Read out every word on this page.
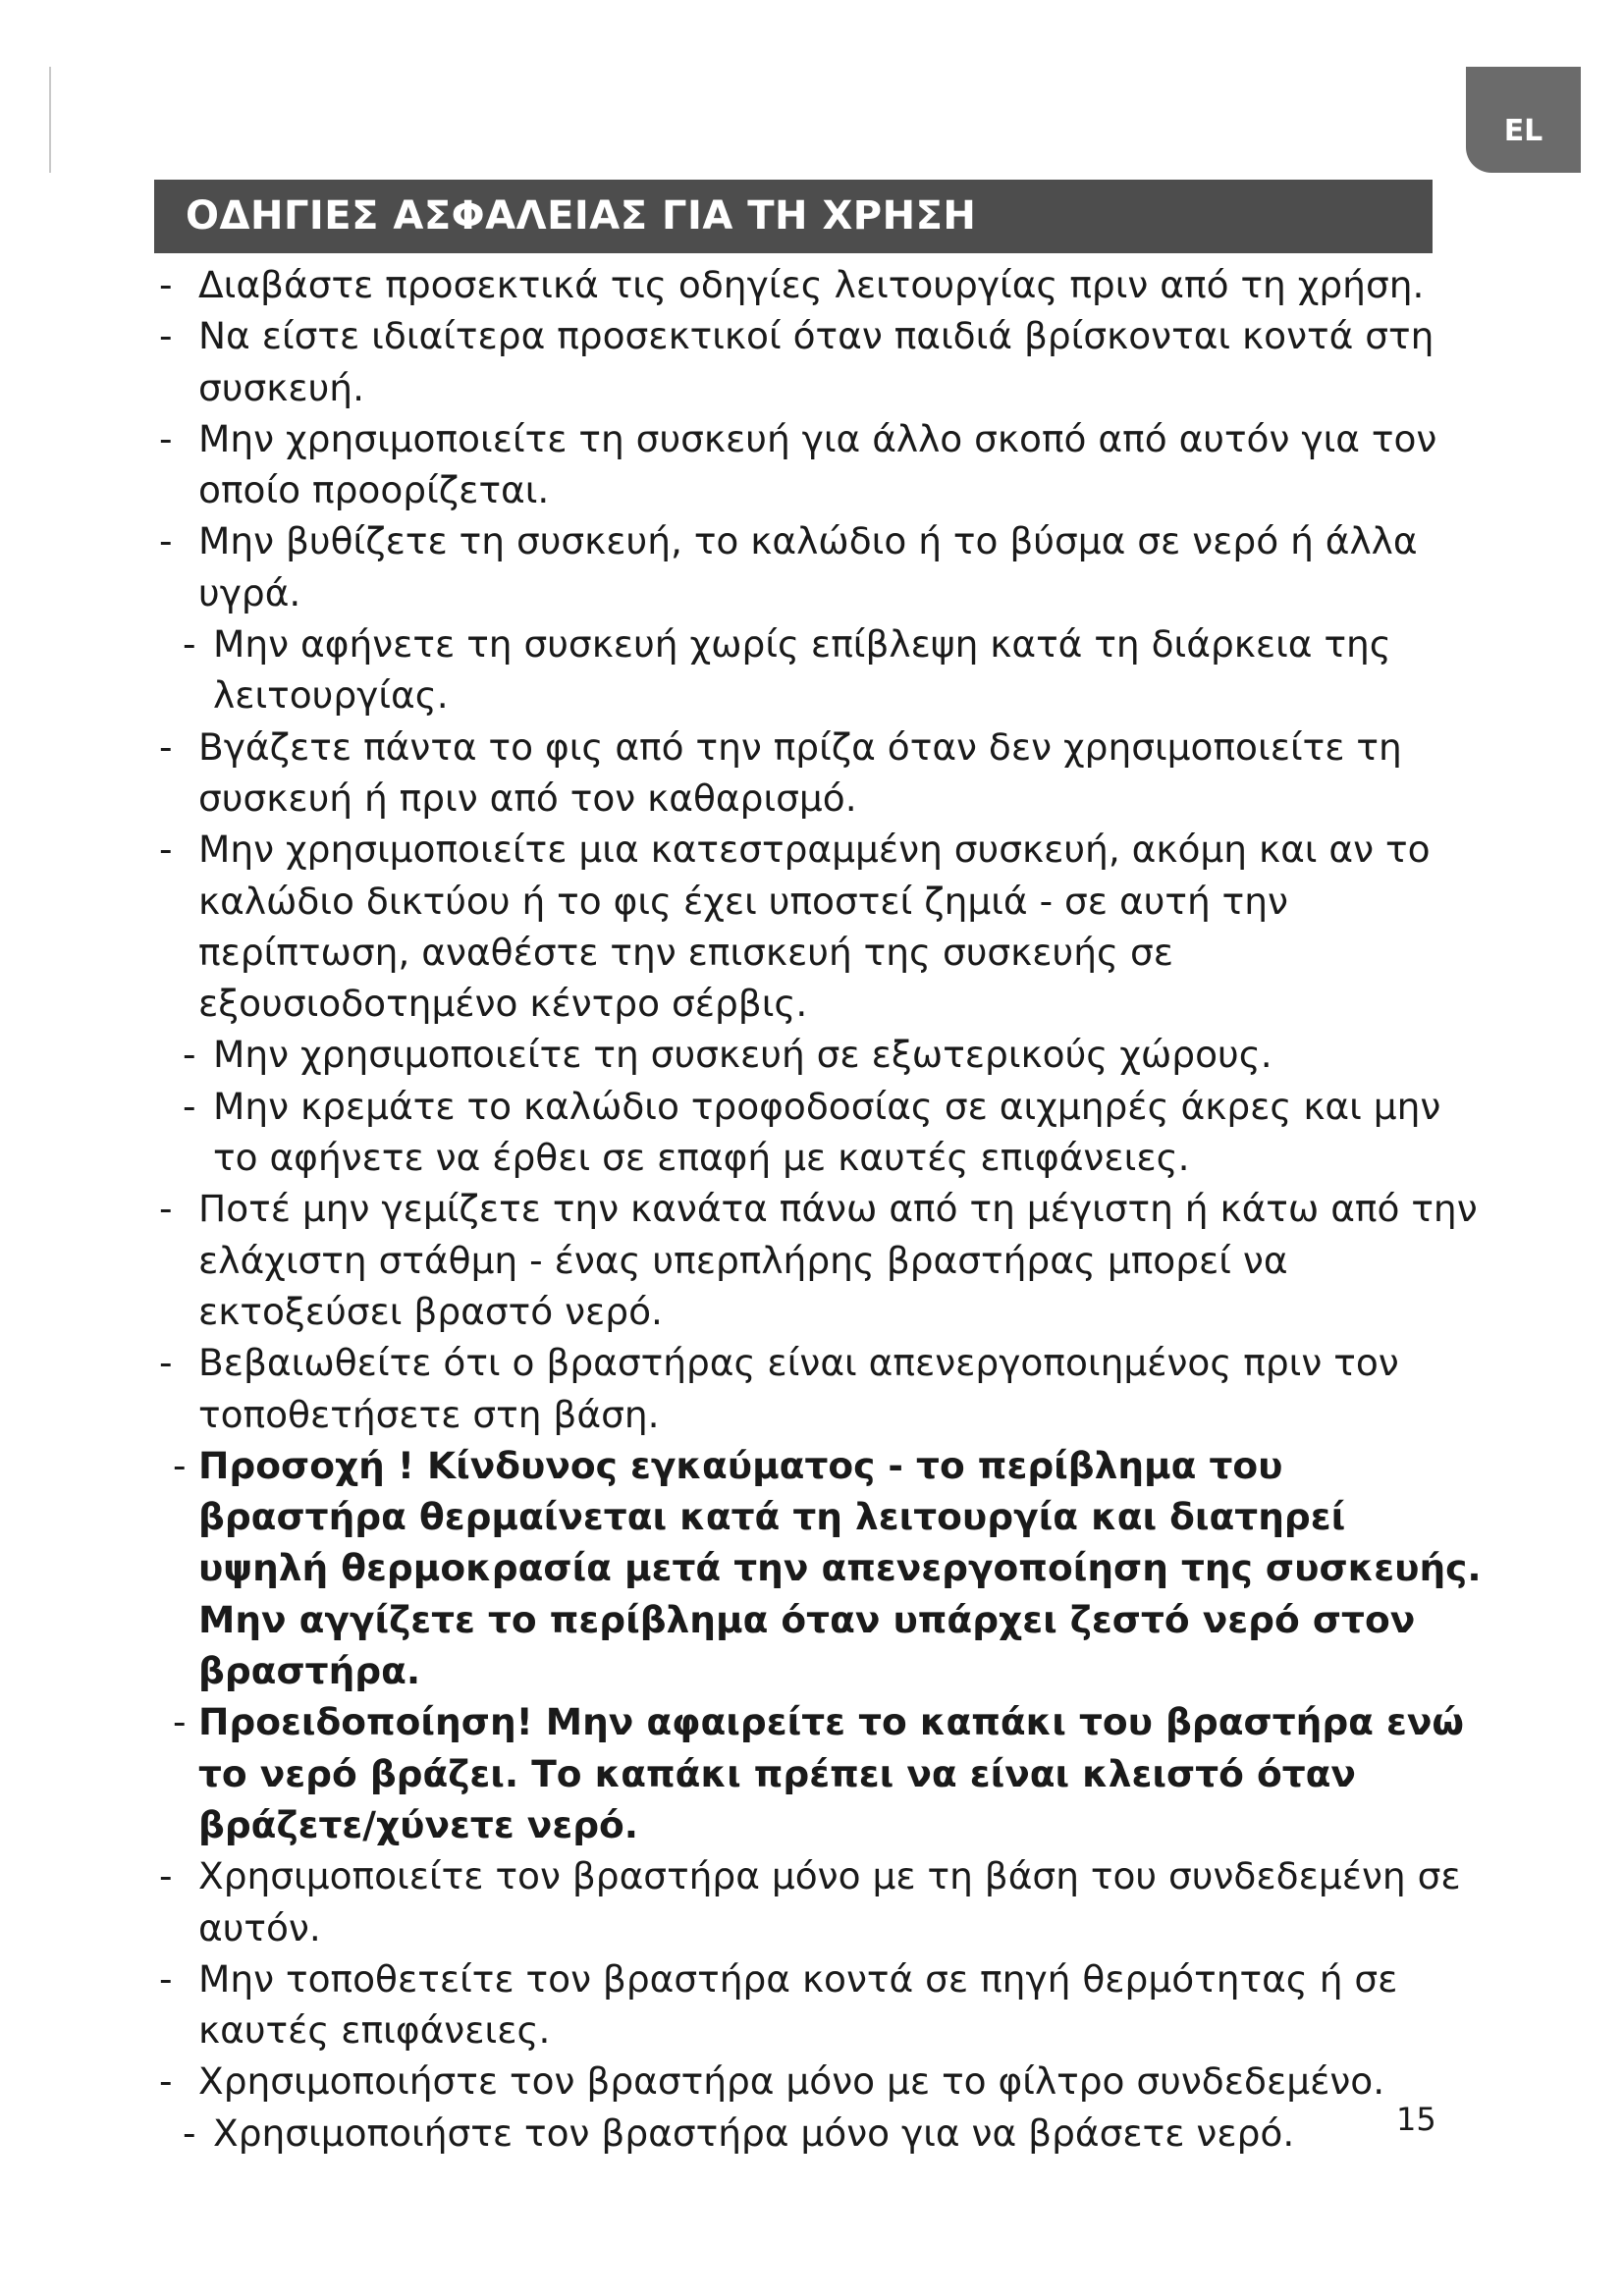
EL
ΟΔΗΓΙΕΣ ΑΣΦΑΛΕΙΑΣ ΓΙΑ ΤΗ ΧΡΗΣΗ
- Διαβάστε προσεκτικά τις οδηγίες λειτουργίας πριν από τη χρήση.
- Να είστε ιδιαίτερα προσεκτικοί όταν παιδιά βρίσκονται κοντά στη συσκευή.
- Μην χρησιμοποιείτε τη συσκευή για άλλο σκοπό από αυτόν για τον οποίο προορίζεται.
- Μην βυθίζετε τη συσκευή, το καλώδιο ή το βύσμα σε νερό ή άλλα υγρά.
- Μην αφήνετε τη συσκευή χωρίς επίβλεψη κατά τη διάρκεια της λειτουργίας.
- Βγάζετε πάντα το φις από την πρίζα όταν δεν χρησιμοποιείτε τη συσκευή ή πριν από τον καθαρισμό.
- Μην χρησιμοποιείτε μια κατεστραμμένη συσκευή, ακόμη και αν το καλώδιο δικτύου ή το φις έχει υποστεί ζημιά - σε αυτή την περίπτωση, αναθέστε την επισκευή της συσκευής σε εξουσιοδοτημένο κέντρο σέρβις.
- Μην χρησιμοποιείτε τη συσκευή σε εξωτερικούς χώρους.
- Μην κρεμάτε το καλώδιο τροφοδοσίας σε αιχμηρές άκρες και μην το αφήνετε να έρθει σε επαφή με καυτές επιφάνειες.
- Ποτέ μην γεμίζετε την κανάτα πάνω από τη μέγιστη ή κάτω από την ελάχιστη στάθμη - ένας υπερπλήρης βραστήρας μπορεί να εκτοξεύσει βραστό νερό.
- Βεβαιωθείτε ότι ο βραστήρας είναι απενεργοποιημένος πριν τον τοποθετήσετε στη βάση.
- Προσοχή ! Κίνδυνος εγκαύματος - το περίβλημα του βραστήρα θερμαίνεται κατά τη λειτουργία και διατηρεί υψηλή θερμοκρασία μετά την απενεργοποίηση της συσκευής. Μην αγγίζετε το περίβλημα όταν υπάρχει ζεστό νερό στον βραστήρα.
- Προειδοποίηση! Μην αφαιρείτε το καπάκι του βραστήρα ενώ το νερό βράζει. Το καπάκι πρέπει να είναι κλειστό όταν βράζετε/χύνετε νερό.
- Χρησιμοποιείτε τον βραστήρα μόνο με τη βάση του συνδεδεμένη σε αυτόν.
- Μην τοποθετείτε τον βραστήρα κοντά σε πηγή θερμότητας ή σε καυτές επιφάνειες.
- Χρησιμοποιήστε τον βραστήρα μόνο με το φίλτρο συνδεδεμένο.
- Χρησιμοποιήστε τον βραστήρα μόνο για να βράσετε νερό.	15
